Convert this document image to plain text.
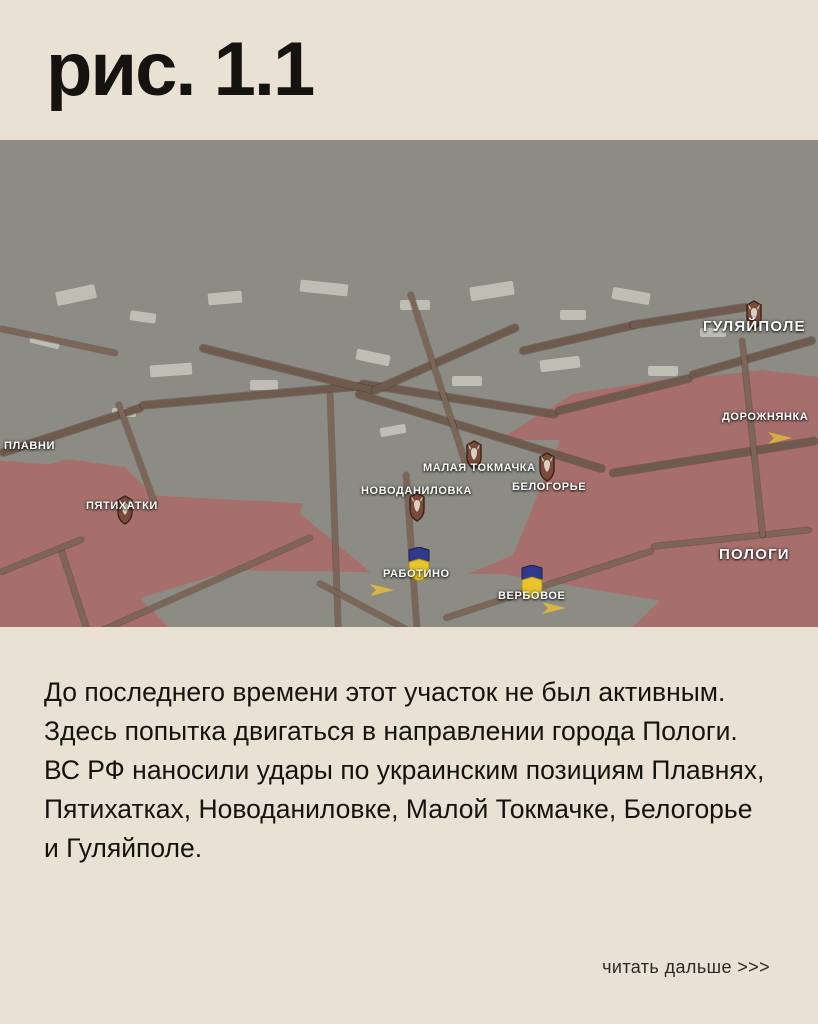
рис. 1.1
ГУЛЯЙПОЛЕ
ДОРОЖНЯНКА
ПЛАВНИ
ПЯТИХАТКИ
МАЛАЯ ТОКМАЧКА
НОВОДАНИЛОВКА	БЕЛОГОРЬЕ
ПОЛОГИ
РАБОТИНО
ВЕРБОВОЕ
До последнего времени этот участок не был активным. Здесь попытка двигаться в направлении города Пологи. ВС РФ наносили удары по украинским позициям Плавнях, Пятихатках, Новоданиловке, Малой Токмачке, Белогорье и Гуляйполе.
читать дальше >>>
